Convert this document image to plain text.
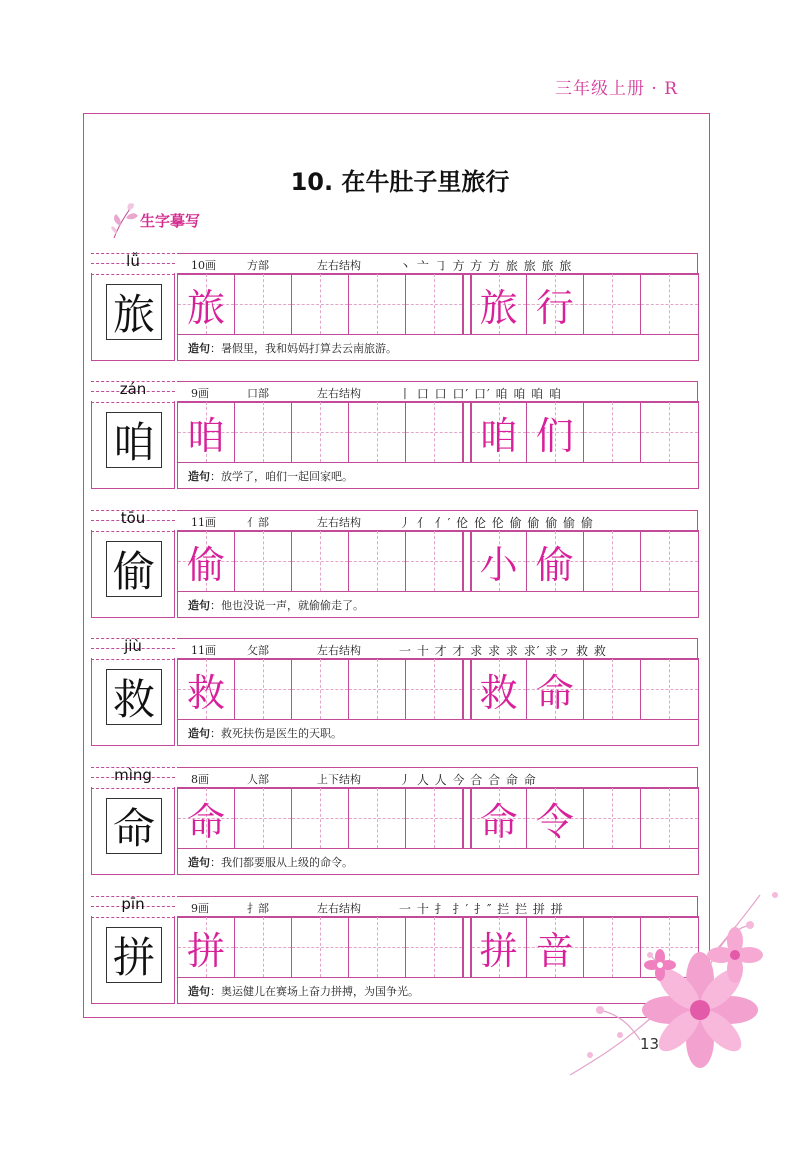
三年级上册 · R
10. 在牛肚子里旅行
生字摹写
lǚ	10画	方部	左右结构	丶 亠 ㇆ 方 方 方 旅 旅 旅 旅
旅 旅	旅 行
造句：暑假里，我和妈妈打算去云南旅游。
zán	9画	口部	左右结构	丨 口 口 口′ 口′ 咱 咱 咱 咱
咱 咱	咱 们
造句：放学了，咱们一起回家吧。
tōu	11画	亻部	左右结构	丿 亻 亻′ 伦 伦 伦 偷 偷 偷 偷 偷
偷 偷	小 偷
造句：他也没说一声，就偷偷走了。
jiù	11画	攵部	左右结构	一 十 才 才 求 求 求 求′ 求ㇷ 救 救
救 救	救 命
造句：救死扶伤是医生的天职。
mìng	8画	人部	上下结构	丿 人 人 今 合 合 命 命
命 命	命 令
造句：我们都要服从上级的命令。
pīn	9画	扌部	左右结构	一 十 扌 扌′ 扌″ 拦 拦 拼 拼
拼 拼	拼 音
造句：奥运健儿在赛场上奋力拼搏，为国争光。
13
